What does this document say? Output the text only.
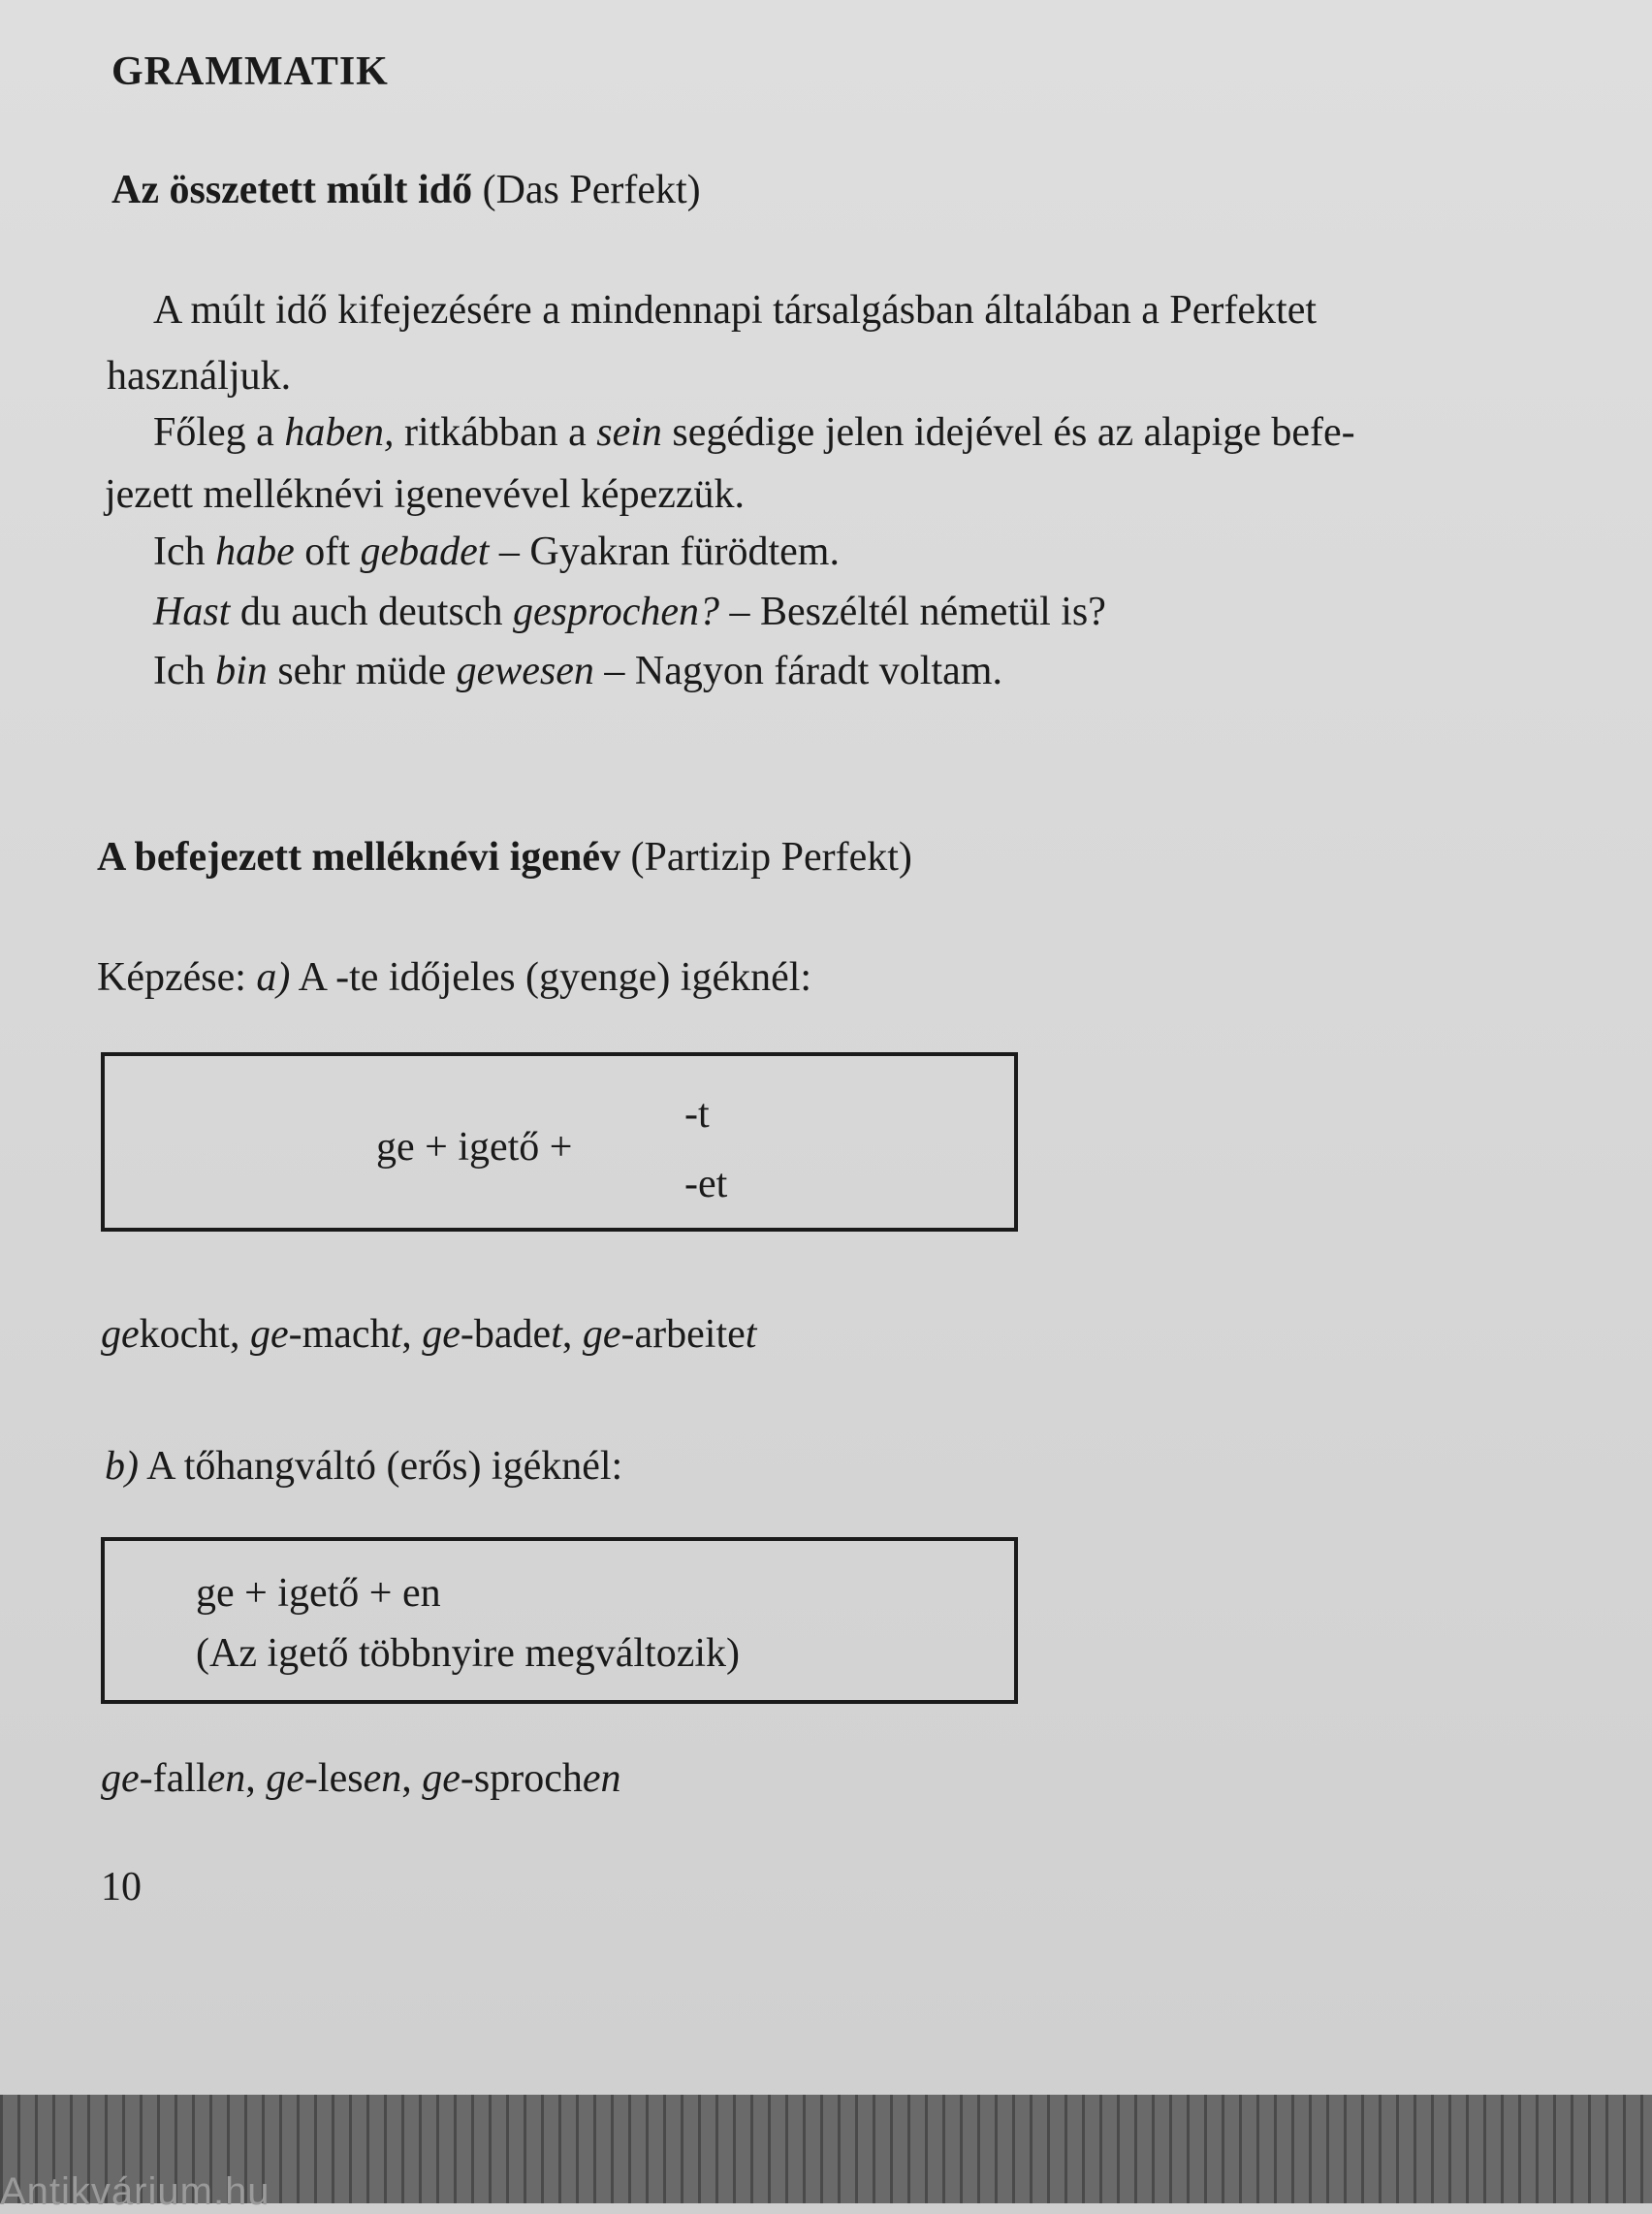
GRAMMATIK
Az összetett múlt idő (Das Perfekt)
A múlt idő kifejezésére a mindennapi társalgásban általában a Perfektet
használjuk.
Főleg a haben, ritkábban a sein segédige jelen idejével és az alapige befe-
jezett melléknévi igenevével képezzük.
Ich habe oft gebadet – Gyakran fürödtem.
Hast du auch deutsch gesprochen? – Beszéltél németül is?
Ich bin sehr müde gewesen – Nagyon fáradt voltam.
A befejezett melléknévi igenév (Partizip Perfekt)
Képzése: a) A -te időjeles (gyenge) igéknél:
ge + igető +
-t
-et
gekocht, ge-macht, ge-badet, ge-arbeitet
b) A tőhangváltó (erős) igéknél:
ge + igető + en
(Az igető többnyire megváltozik)
ge-fallen, ge-lesen, ge-sprochen
10
Antikvárium.hu
